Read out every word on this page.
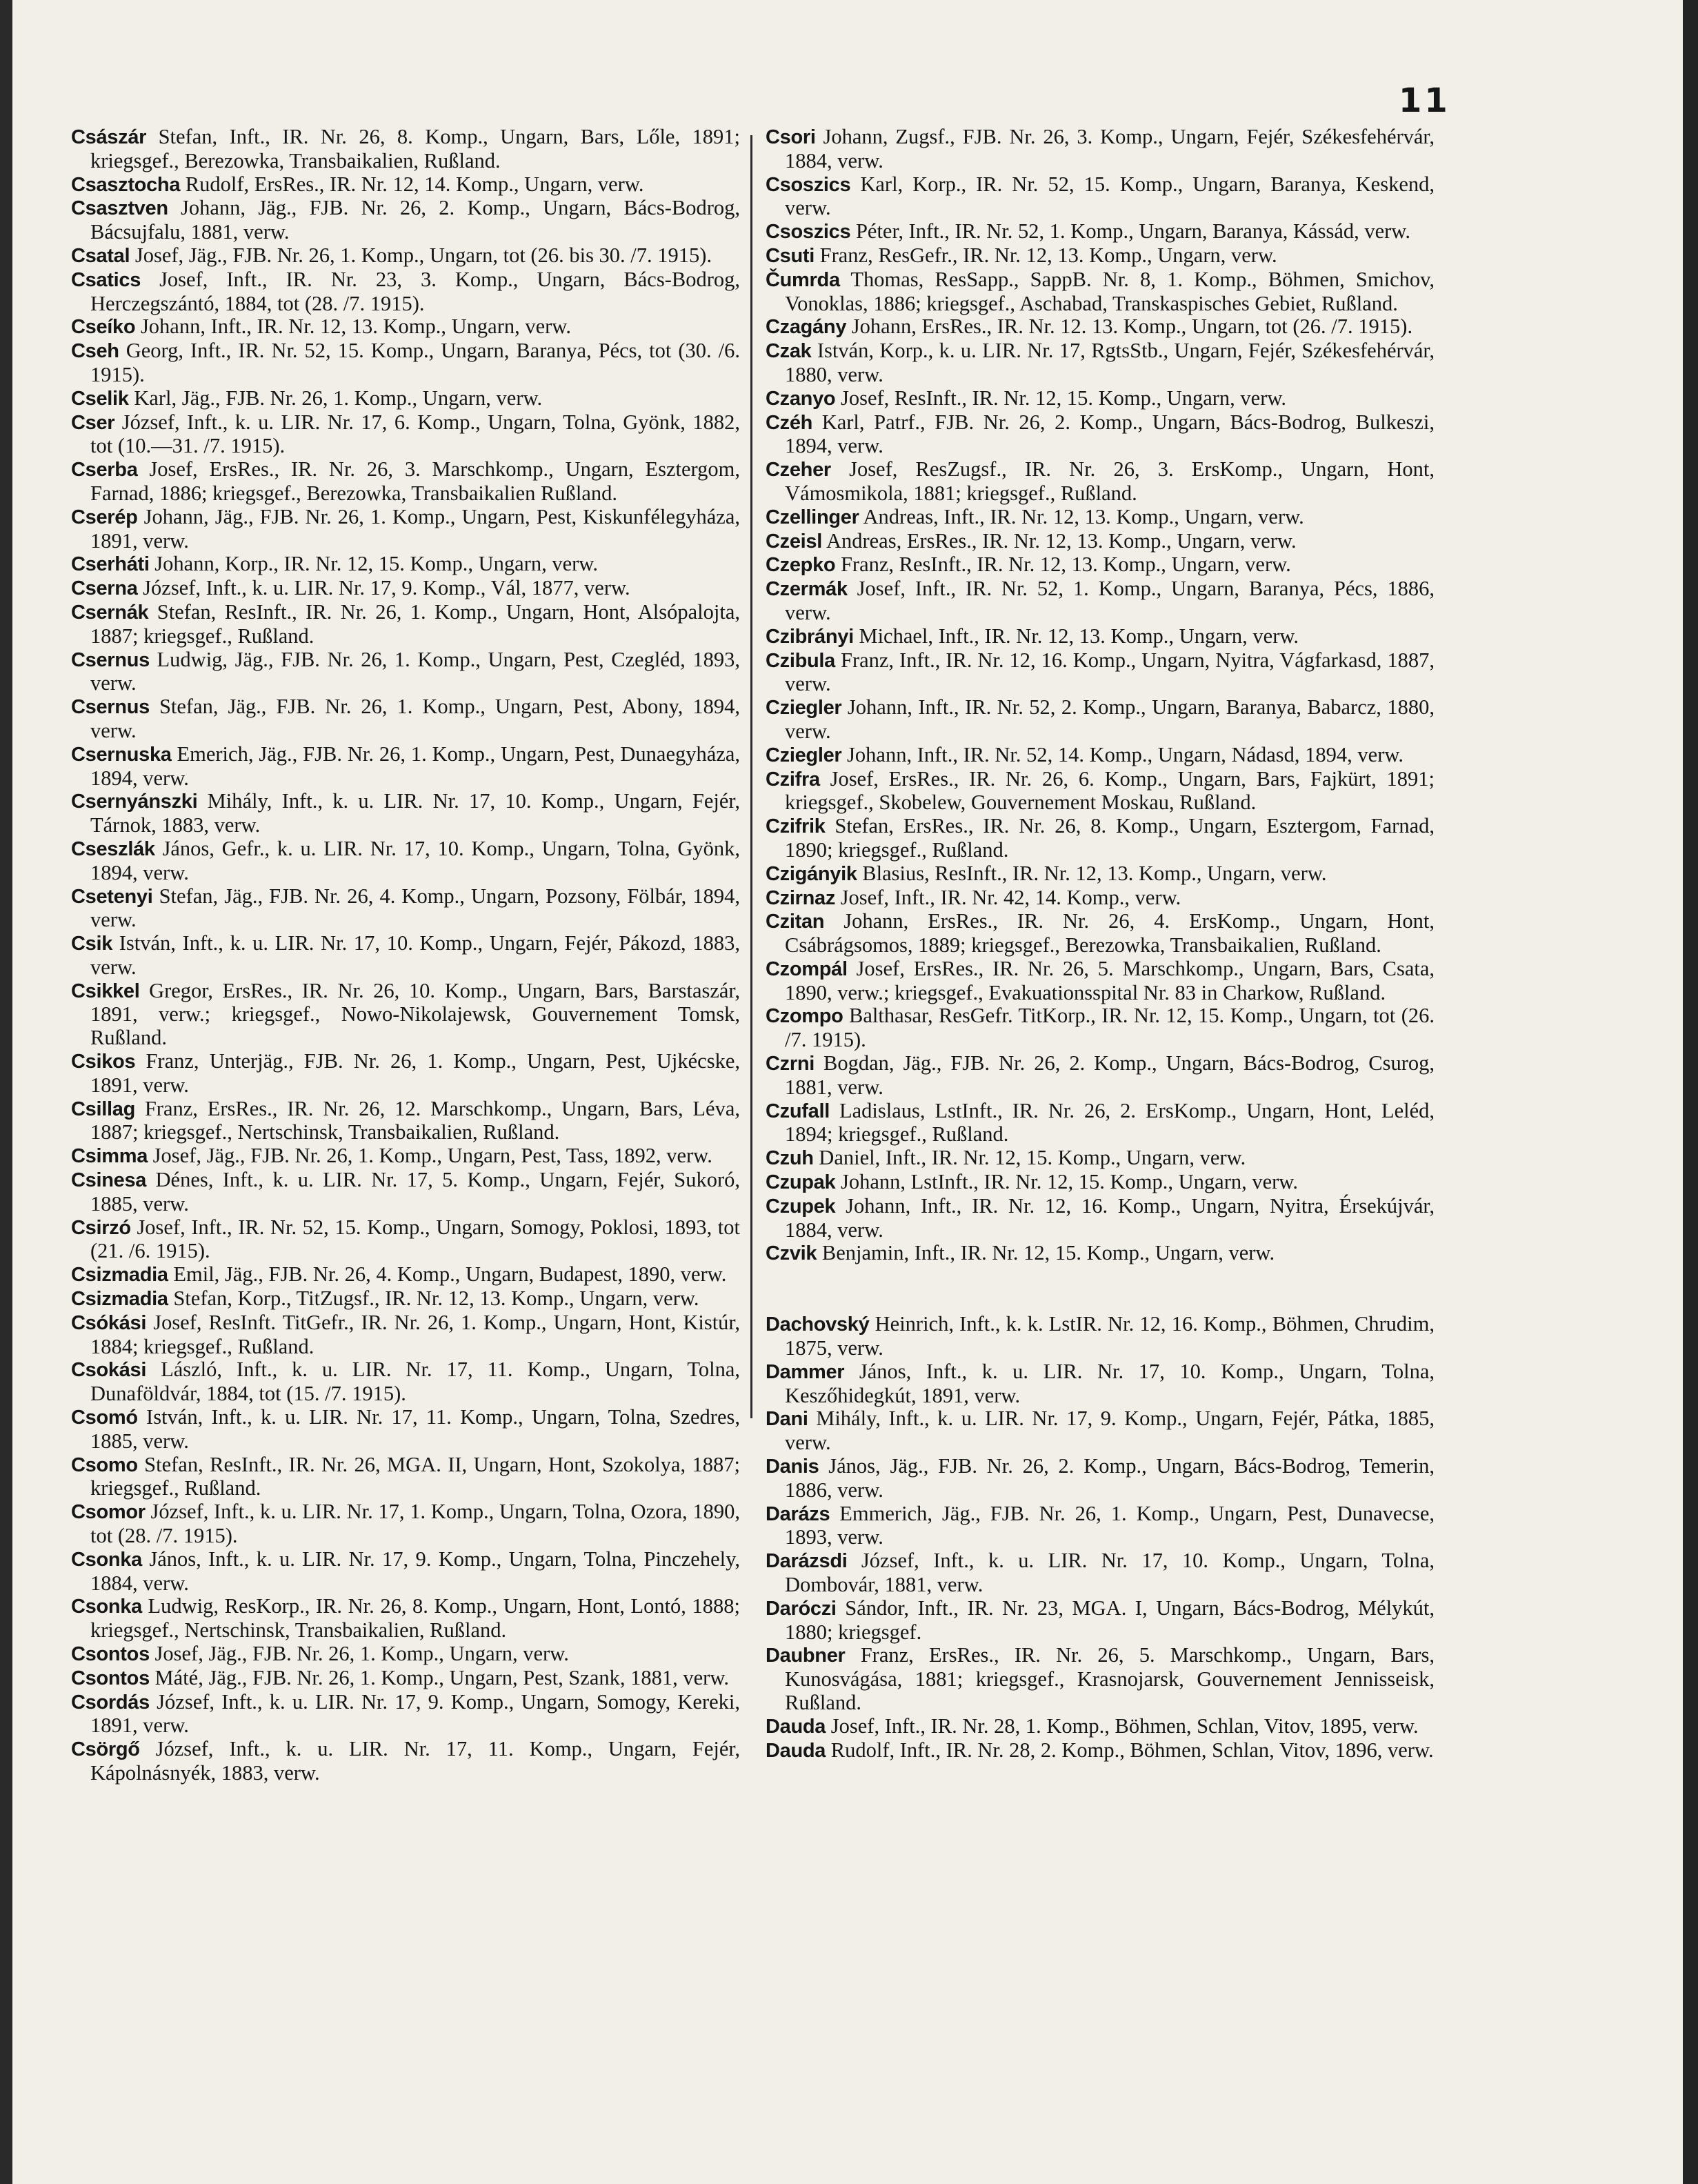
11

Császár Stefan, Inft., IR. Nr. 26, 8. Komp., Ungarn, Bars, Lőle, 1891; kriegsgef., Berezowka, Transbaikalien, Rußland.

Csasztocha Rudolf, ErsRes., IR. Nr. 12, 14. Komp., Ungarn, verw.

Csasztven Johann, Jäg., FJB. Nr. 26, 2. Komp., Ungarn, Bács-Bodrog, Bácsujfalu, 1881, verw.

Csatal Josef, Jäg., FJB. Nr. 26, 1. Komp., Ungarn, tot (26. bis 30. /7. 1915).

Csatics Josef, Inft., IR. Nr. 23, 3. Komp., Ungarn, Bács-Bodrog, Herczegszántó, 1884, tot (28. /7. 1915).

Cseíko Johann, Inft., IR. Nr. 12, 13. Komp., Ungarn, verw.

Cseh Georg, Inft., IR. Nr. 52, 15. Komp., Ungarn, Baranya, Pécs, tot (30. /6. 1915).

Cselik Karl, Jäg., FJB. Nr. 26, 1. Komp., Ungarn, verw.

Cser József, Inft., k. u. LIR. Nr. 17, 6. Komp., Ungarn, Tolna, Gyönk, 1882, tot (10.—31. /7. 1915).

Cserba Josef, ErsRes., IR. Nr. 26, 3. Marschkomp., Ungarn, Esztergom, Farnad, 1886; kriegsgef., Berezowka, Transbaikalien Rußland.

Cserép Johann, Jäg., FJB. Nr. 26, 1. Komp., Ungarn, Pest, Kiskunfélegyháza, 1891, verw.

Cserháti Johann, Korp., IR. Nr. 12, 15. Komp., Ungarn, verw.

Cserna József, Inft., k. u. LIR. Nr. 17, 9. Komp., Vál, 1877, verw.

Csernák Stefan, ResInft., IR. Nr. 26, 1. Komp., Ungarn, Hont, Alsópalojta, 1887; kriegsgef., Rußland.

Csernus Ludwig, Jäg., FJB. Nr. 26, 1. Komp., Ungarn, Pest, Czegléd, 1893, verw.

Csernus Stefan, Jäg., FJB. Nr. 26, 1. Komp., Ungarn, Pest, Abony, 1894, verw.

Csernuska Emerich, Jäg., FJB. Nr. 26, 1. Komp., Ungarn, Pest, Dunaegyháza, 1894, verw.

Csernyánszki Mihály, Inft., k. u. LIR. Nr. 17, 10. Komp., Ungarn, Fejér, Tárnok, 1883, verw.

Cseszlák János, Gefr., k. u. LIR. Nr. 17, 10. Komp., Ungarn, Tolna, Gyönk, 1894, verw.

Csetenyi Stefan, Jäg., FJB. Nr. 26, 4. Komp., Ungarn, Pozsony, Fölbár, 1894, verw.

Csik István, Inft., k. u. LIR. Nr. 17, 10. Komp., Ungarn, Fejér, Pákozd, 1883, verw.

Csikkel Gregor, ErsRes., IR. Nr. 26, 10. Komp., Ungarn, Bars, Barstaszár, 1891, verw.; kriegsgef., Nowo-Nikolajewsk, Gouvernement Tomsk, Rußland.

Csikos Franz, Unterjäg., FJB. Nr. 26, 1. Komp., Ungarn, Pest, Ujkécske, 1891, verw.

Csillag Franz, ErsRes., IR. Nr. 26, 12. Marschkomp., Ungarn, Bars, Léva, 1887; kriegsgef., Nertschinsk, Transbaikalien, Rußland.

Csimma Josef, Jäg., FJB. Nr. 26, 1. Komp., Ungarn, Pest, Tass, 1892, verw.

Csinesa Dénes, Inft., k. u. LIR. Nr. 17, 5. Komp., Ungarn, Fejér, Sukoró, 1885, verw.

Csirzó Josef, Inft., IR. Nr. 52, 15. Komp., Ungarn, Somogy, Poklosi, 1893, tot (21. /6. 1915).

Csizmadia Emil, Jäg., FJB. Nr. 26, 4. Komp., Ungarn, Budapest, 1890, verw.

Csizmadia Stefan, Korp., TitZugsf., IR. Nr. 12, 13. Komp., Ungarn, verw.

Csókási Josef, ResInft. TitGefr., IR. Nr. 26, 1. Komp., Ungarn, Hont, Kistúr, 1884; kriegsgef., Rußland.

Csokási László, Inft., k. u. LIR. Nr. 17, 11. Komp., Ungarn, Tolna, Dunaföldvár, 1884, tot (15. /7. 1915).

Csomó István, Inft., k. u. LIR. Nr. 17, 11. Komp., Ungarn, Tolna, Szedres, 1885, verw.

Csomo Stefan, ResInft., IR. Nr. 26, MGA. II, Ungarn, Hont, Szokolya, 1887; kriegsgef., Rußland.

Csomor József, Inft., k. u. LIR. Nr. 17, 1. Komp., Ungarn, Tolna, Ozora, 1890, tot (28. /7. 1915).

Csonka János, Inft., k. u. LIR. Nr. 17, 9. Komp., Ungarn, Tolna, Pinczehely, 1884, verw.

Csonka Ludwig, ResKorp., IR. Nr. 26, 8. Komp., Ungarn, Hont, Lontó, 1888; kriegsgef., Nertschinsk, Transbaikalien, Rußland.

Csontos Josef, Jäg., FJB. Nr. 26, 1. Komp., Ungarn, verw.

Csontos Máté, Jäg., FJB. Nr. 26, 1. Komp., Ungarn, Pest, Szank, 1881, verw.

Csordás József, Inft., k. u. LIR. Nr. 17, 9. Komp., Ungarn, Somogy, Kereki, 1891, verw.

Csörgő József, Inft., k. u. LIR. Nr. 17, 11. Komp., Ungarn, Fejér, Kápolnásnyék, 1883, verw.

Csori Johann, Zugsf., FJB. Nr. 26, 3. Komp., Ungarn, Fejér, Székesfehérvár, 1884, verw.

Csoszics Karl, Korp., IR. Nr. 52, 15. Komp., Ungarn, Baranya, Keskend, verw.

Csoszics Péter, Inft., IR. Nr. 52, 1. Komp., Ungarn, Baranya, Kássád, verw.

Csuti Franz, ResGefr., IR. Nr. 12, 13. Komp., Ungarn, verw.

Čumrda Thomas, ResSapp., SappB. Nr. 8, 1. Komp., Böhmen, Smichov, Vonoklas, 1886; kriegsgef., Aschabad, Transkaspisches Gebiet, Rußland.

Czagány Johann, ErsRes., IR. Nr. 12. 13. Komp., Ungarn, tot (26. /7. 1915).

Czak István, Korp., k. u. LIR. Nr. 17, RgtsStb., Ungarn, Fejér, Székesfehérvár, 1880, verw.

Czanyo Josef, ResInft., IR. Nr. 12, 15. Komp., Ungarn, verw.

Czéh Karl, Patrf., FJB. Nr. 26, 2. Komp., Ungarn, Bács-Bodrog, Bulkeszi, 1894, verw.

Czeher Josef, ResZugsf., IR. Nr. 26, 3. ErsKomp., Ungarn, Hont, Vámosmikola, 1881; kriegsgef., Rußland.

Czellinger Andreas, Inft., IR. Nr. 12, 13. Komp., Ungarn, verw.

Czeisl Andreas, ErsRes., IR. Nr. 12, 13. Komp., Ungarn, verw.

Czepko Franz, ResInft., IR. Nr. 12, 13. Komp., Ungarn, verw.

Czermák Josef, Inft., IR. Nr. 52, 1. Komp., Ungarn, Baranya, Pécs, 1886, verw.

Czibrányi Michael, Inft., IR. Nr. 12, 13. Komp., Ungarn, verw.

Czibula Franz, Inft., IR. Nr. 12, 16. Komp., Ungarn, Nyitra, Vágfarkasd, 1887, verw.

Cziegler Johann, Inft., IR. Nr. 52, 2. Komp., Ungarn, Baranya, Babarcz, 1880, verw.

Cziegler Johann, Inft., IR. Nr. 52, 14. Komp., Ungarn, Nádasd, 1894, verw.

Czifra Josef, ErsRes., IR. Nr. 26, 6. Komp., Ungarn, Bars, Fajkürt, 1891; kriegsgef., Skobelew, Gouvernement Moskau, Rußland.

Czifrik Stefan, ErsRes., IR. Nr. 26, 8. Komp., Ungarn, Esztergom, Farnad, 1890; kriegsgef., Rußland.

Czigányik Blasius, ResInft., IR. Nr. 12, 13. Komp., Ungarn, verw.

Czirnaz Josef, Inft., IR. Nr. 42, 14. Komp., verw.

Czitan Johann, ErsRes., IR. Nr. 26, 4. ErsKomp., Ungarn, Hont, Csábrágsomos, 1889; kriegsgef., Berezowka, Transbaikalien, Rußland.

Czompál Josef, ErsRes., IR. Nr. 26, 5. Marschkomp., Ungarn, Bars, Csata, 1890, verw.; kriegsgef., Evakuationsspital Nr. 83 in Charkow, Rußland.

Czompo Balthasar, ResGefr. TitKorp., IR. Nr. 12, 15. Komp., Ungarn, tot (26. /7. 1915).

Czrni Bogdan, Jäg., FJB. Nr. 26, 2. Komp., Ungarn, Bács-Bodrog, Csurog, 1881, verw.

Czufall Ladislaus, LstInft., IR. Nr. 26, 2. ErsKomp., Ungarn, Hont, Leléd, 1894; kriegsgef., Rußland.

Czuh Daniel, Inft., IR. Nr. 12, 15. Komp., Ungarn, verw.

Czupak Johann, LstInft., IR. Nr. 12, 15. Komp., Ungarn, verw.

Czupek Johann, Inft., IR. Nr. 12, 16. Komp., Ungarn, Nyitra, Érsekújvár, 1884, verw.

Czvik Benjamin, Inft., IR. Nr. 12, 15. Komp., Ungarn, verw.

Dachovský Heinrich, Inft., k. k. LstIR. Nr. 12, 16. Komp., Böhmen, Chrudim, 1875, verw.

Dammer János, Inft., k. u. LIR. Nr. 17, 10. Komp., Ungarn, Tolna, Keszőhidegkút, 1891, verw.

Dani Mihály, Inft., k. u. LIR. Nr. 17, 9. Komp., Ungarn, Fejér, Pátka, 1885, verw.

Danis János, Jäg., FJB. Nr. 26, 2. Komp., Ungarn, Bács-Bodrog, Temerin, 1886, verw.

Darázs Emmerich, Jäg., FJB. Nr. 26, 1. Komp., Ungarn, Pest, Dunavecse, 1893, verw.

Darázsdi József, Inft., k. u. LIR. Nr. 17, 10. Komp., Ungarn, Tolna, Dombovár, 1881, verw.

Daróczi Sándor, Inft., IR. Nr. 23, MGA. I, Ungarn, Bács-Bodrog, Mélykút, 1880; kriegsgef.

Daubner Franz, ErsRes., IR. Nr. 26, 5. Marschkomp., Ungarn, Bars, Kunosvágása, 1881; kriegsgef., Krasnojarsk, Gouvernement Jennisseisk, Rußland.

Dauda Josef, Inft., IR. Nr. 28, 1. Komp., Böhmen, Schlan, Vitov, 1895, verw.

Dauda Rudolf, Inft., IR. Nr. 28, 2. Komp., Böhmen, Schlan, Vitov, 1896, verw.
